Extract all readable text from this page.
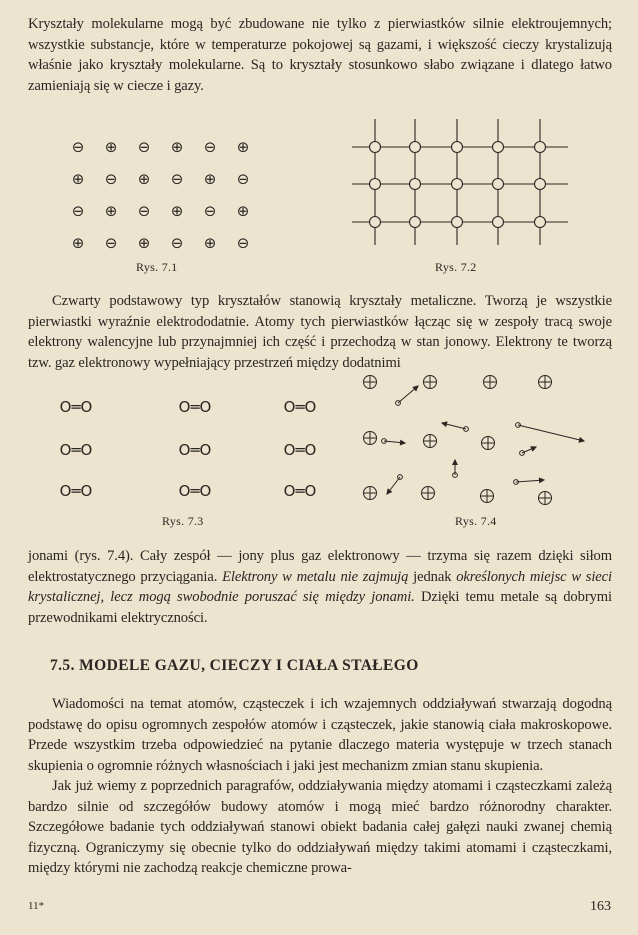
Kryształy molekularne mogą być zbudowane nie tylko z pierwiastków silnie elektroujemnych; wszystkie substancje, które w temperaturze pokojowej są gazami, i większość cieczy krystalizują właśnie jako kryształy molekularne. Są to kryształy stosunkowo słabo związane i dlatego łatwo zamieniają się w ciecze i gazy.

⊖ ⊕ ⊖ ⊕ ⊖ ⊕
⊕ ⊖ ⊕ ⊖ ⊕ ⊖
⊖ ⊕ ⊖ ⊕ ⊖ ⊕
⊕ ⊖ ⊕ ⊖ ⊕ ⊖
O═O	O═O	O═O
O═O	O═O	O═O
O═O	O═O	O═O
Rys. 7.1	Rys. 7.2

Czwarty podstawowy typ kryształów stanowią kryształy metaliczne. Tworzą je wszystkie pierwiastki wyraźnie elektrododatnie. Atomy tych pierwiastków łącząc się w zespoły tracą swoje elektrony walencyjne lub przynajmniej ich część i przechodzą w stan jonowy. Elektrony te tworzą tzw. gaz elektronowy wypełniający przestrzeń między dodatnimi

Rys. 7.3	Rys. 7.4

jonami (rys. 7.4). Cały zespół — jony plus gaz elektronowy — trzyma się razem dzięki siłom elektrostatycznego przyciągania. Elektrony w metalu nie zajmują jednak określonych miejsc w sieci krystalicznej, lecz mogą swobodnie poruszać się między jonami. Dzięki temu metale są dobrymi przewodnikami elektryczności.

7.5. MODELE GAZU, CIECZY I CIAŁA STAŁEGO

Wiadomości na temat atomów, cząsteczek i ich wzajemnych oddziaływań stwarzają dogodną podstawę do opisu ogromnych zespołów atomów i cząsteczek, jakie stanowią ciała makroskopowe. Przede wszystkim trzeba odpowiedzieć na pytanie dlaczego materia występuje w trzech stanach skupienia o ogromnie różnych własnościach i jaki jest mechanizm zmian stanu skupienia.

Jak już wiemy z poprzednich paragrafów, oddziaływania między atomami i cząsteczkami zależą bardzo silnie od szczegółów budowy atomów i mogą mieć bardzo różnorodny charakter. Szczegółowe badanie tych oddziaływań stanowi obiekt badania całej gałęzi nauki zwanej chemią fizyczną. Ograniczymy się obecnie tylko do oddziaływań między takimi atomami i cząsteczkami, między którymi nie zachodzą reakcje chemiczne prowa-

11*	163
